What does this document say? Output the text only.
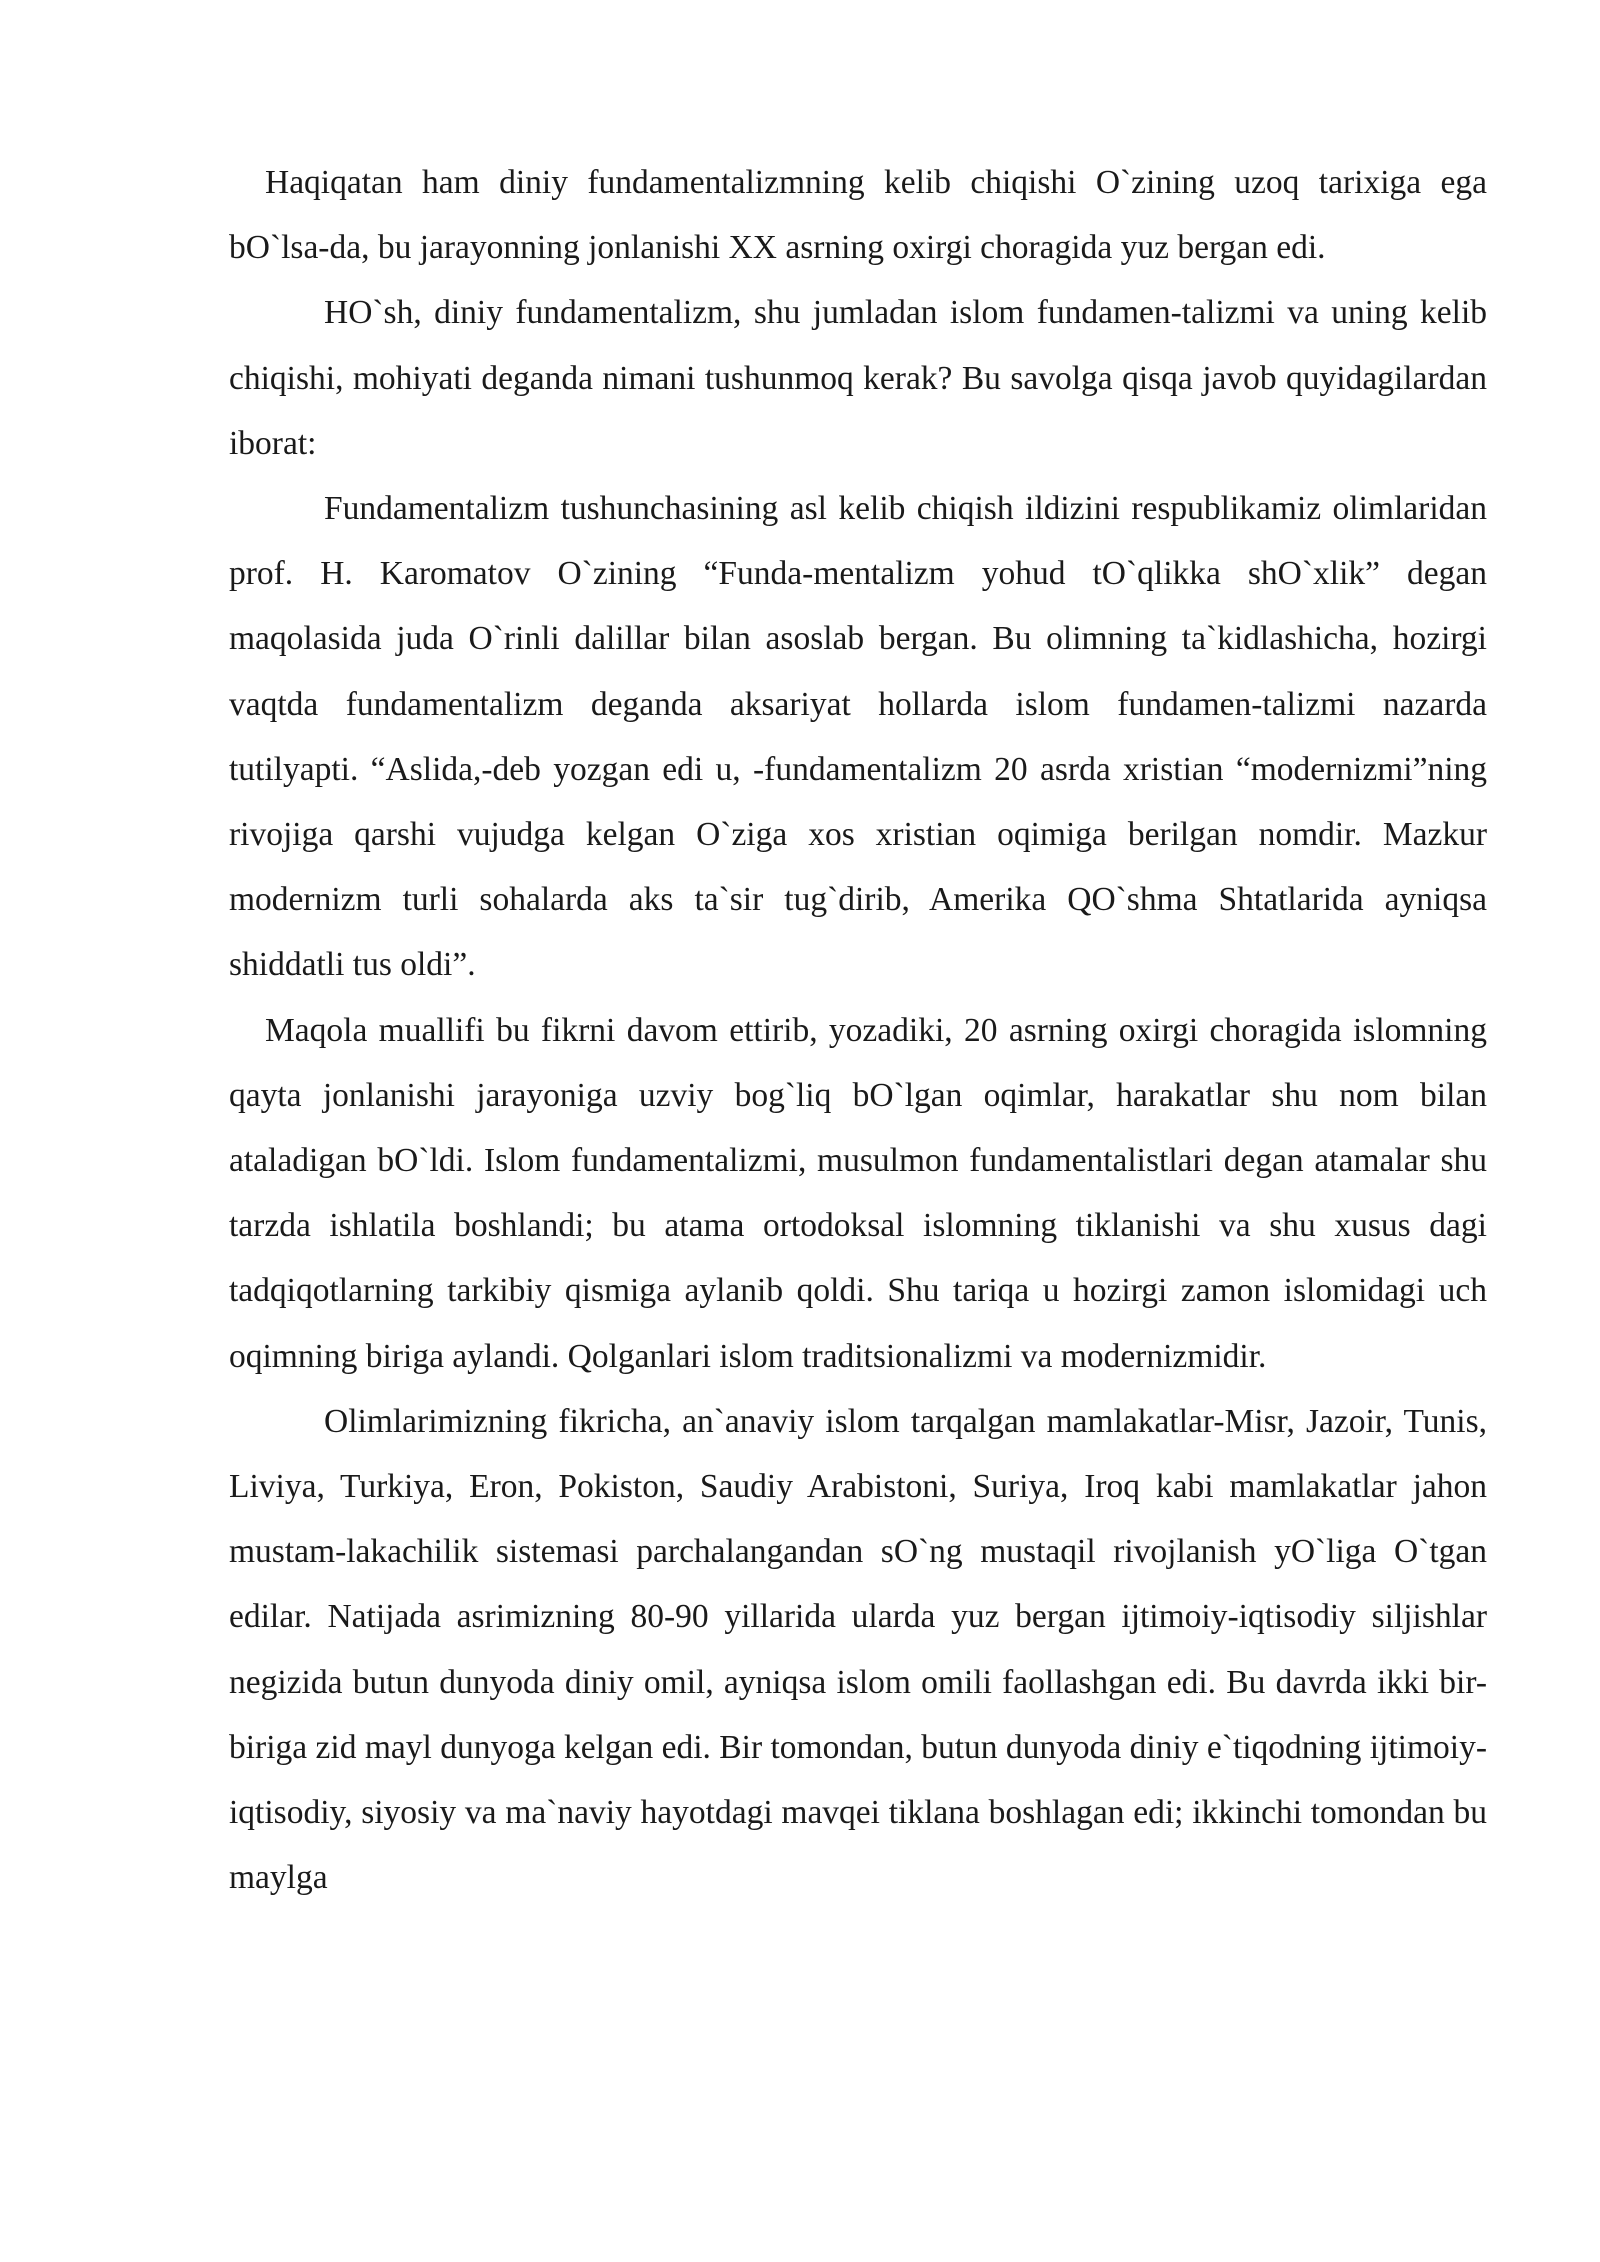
Haqiqatan ham diniy fundamentalizmning kelib chiqishi O`zining uzoq tarixiga ega bO`lsa-da, bu jarayonning jonlanishi XX asrning oxirgi choragida yuz bergan edi.

HO`sh, diniy fundamentalizm, shu jumladan islom fundamen-talizmi va uning kelib chiqishi, mohiyati deganda nimani tushunmoq kerak? Bu savolga qisqa javob quyidagilardan iborat:

Fundamentalizm tushunchasining asl kelib chiqish ildizini respublikamiz olimlaridan prof. H. Karomatov O`zining “Funda-mentalizm yohud tO`qlikka shO`xlik” degan maqolasida juda O`rinli dalillar bilan asoslab bergan. Bu olimning ta`kidlashicha, hozirgi vaqtda fundamentalizm deganda aksariyat hollarda islom fundamen-talizmi nazarda tutilyapti. “Aslida,-deb yozgan edi u, -fundamentalizm 20 asrda xristian “modernizmi”ning rivojiga qarshi vujudga kelgan O`ziga xos xristian oqimiga berilgan nomdir. Mazkur modernizm turli sohalarda aks ta`sir tug`dirib, Amerika QO`shma Shtatlarida ayniqsa shiddatli tus oldi”.

Maqola muallifi bu fikrni davom ettirib, yozadiki, 20 asrning oxirgi choragida islomning qayta jonlanishi jarayoniga uzviy bog`liq bO`lgan oqimlar, harakatlar shu nom bilan ataladigan bO`ldi. Islom fundamentalizmi, musulmon fundamentalistlari degan atamalar shu tarzda ishlatila boshlandi; bu atama ortodoksal islomning tiklanishi va shu xusus dagi tadqiqotlarning tarkibiy qismiga aylanib qoldi. Shu tariqa u hozirgi zamon islomidagi uch oqimning biriga aylandi. Qolganlari islom traditsionalizmi va modernizmidir.

Olimlarimizning fikricha, an`anaviy islom tarqalgan mamlakatlar-Misr, Jazoir, Tunis, Liviya, Turkiya, Eron, Pokiston, Saudiy Arabistoni, Suriya, Iroq kabi mamlakatlar jahon mustam-lakachilik sistemasi parchalangandan sO`ng mustaqil rivojlanish yO`liga O`tgan edilar. Natijada asrimizning 80-90 yillarida ularda yuz bergan ijtimoiy-iqtisodiy siljishlar negizida butun dunyoda diniy omil, ayniqsa islom omili faollashgan edi. Bu davrda ikki bir-biriga zid mayl dunyoga kelgan edi. Bir tomondan, butun dunyoda diniy e`tiqodning ijtimoiy-iqtisodiy, siyosiy va ma`naviy hayotdagi mavqei tiklana boshlagan edi; ikkinchi tomondan bu maylga
